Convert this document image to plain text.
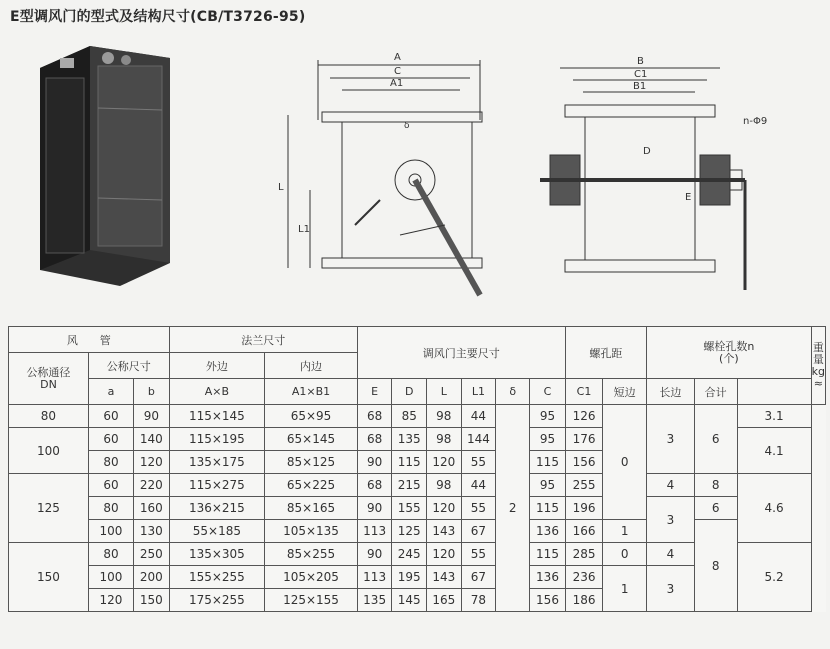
E型调风门的型式及结构尺寸(CB/T3726-95)
A
C
A1
δ
L
L1
B
C1
B1
D
E
n-Φ9
风　　管			法兰尺寸		调风门主要尺寸						螺孔距		螺栓孔数n
(个)			重量
kg
≈
公称通径
DN	公称尺寸		外边	内边												
	a	b	A×B	A1×B1	E	D	L	L1	δ	C	C1	短边	长边	合计		
80	60	90	115×145	65×95	68	85	98	44	2	95	126	0	3	6	3.1	
100	60	140	115×195	65×145	68	135	98	144		95	176				4.1	
	80	120	135×175	85×125	90	115	120	55		115	156					
125	60	220	115×275	65×225	68	215	98	44		95	255		4	8	4.6	
	80	160	136×215	85×165	90	155	120	55		115	196		3	6		
	100	130	55×185	105×135	113	125	143	67		136	166	1		8		
150	80	250	135×305	85×255	90	245	120	55		115	285	0	4		5.2	
	100	200	155×255	105×205	113	195	143	67		136	236	1	3			
	120	150	175×255	125×155	135	145	165	78		156	186					
